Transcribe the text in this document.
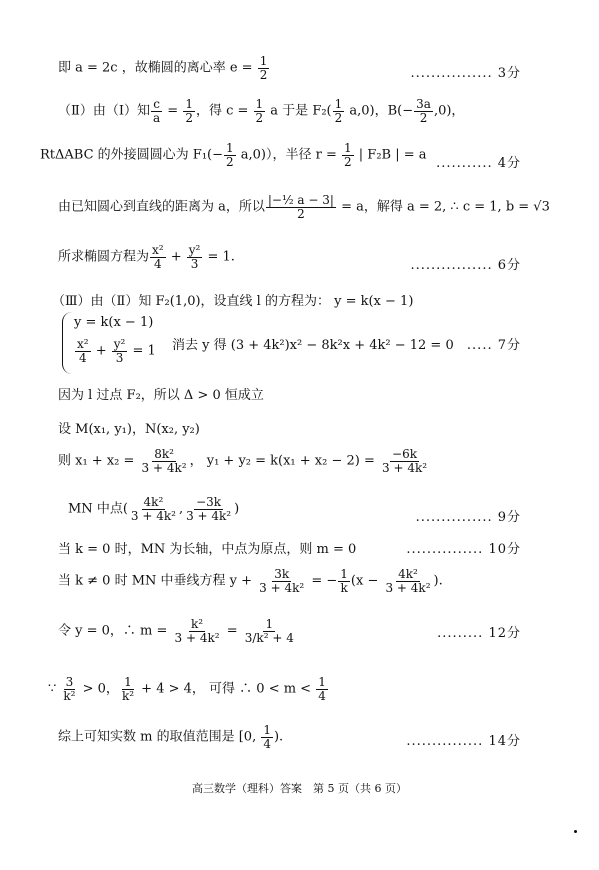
即 a = 2c ，故椭圆的离心率 $e = \frac{1}{2}$	................ 3分
（Ⅱ）由（Ⅰ）知 $\frac{c}{a} = \frac{1}{2}$ ，得 $c = \frac{1}{2}$ a 于是 $F_2( \frac{1}{2} a,0)$，$B(- \frac{3a}{2} ,0)$，
RtΔABC 的外接圆圆心为 $F_1(- \frac{1}{2} a,0)$），半径 $r = \frac{1}{2}$ | F₂B | = a
........... 4分
由已知圆心到直线的距离为 a，所以 $\frac{\text{|−½ a − 3|}}{2} = a$，解得 a = 2, ∴ c = 1, b = √3
所求椭圆方程为 $\frac{\text{x²}}{4} + \frac{\text{y²}}{3} = 1$.
................ 6分
（Ⅲ）由（Ⅱ）知 F₂(1,0)，设直线 l 的方程为： y = k(x − 1)
y = k(x − 1)
$\frac{\text{x²}}{4} + \frac{\text{y²}}{3} = 1$ 消去 y 得 (3 + 4k²)x² − 8k²x + 4k² − 12 = 0 ..... 7分
因为 l 过点 F₂，所以 Δ > 0 恒成立
设 M(x₁, y₁)，N(x₂, y₂)
则 $x_1 + x_2 = \frac{\text{8k²}}{\text{3 + 4k²}}$ ， $y_1 + y_2 = k(x_1 + x_2 - 2) = \frac{-6k}{\text{3 + 4k²}}$
MN 中点( $\frac{\text{4k²}}{\text{3 + 4k²}}$ , $\frac{-3k}{\text{3 + 4k²}}$ )
............... 9分
当 k = 0 时，MN 为长轴，中点为原点，则 m = 0	............... 10分
当 k ≠ 0 时 MN 中垂线方程 $y + \frac{3k}{\text{3 + 4k²}}$ = − $\frac{1}{k} (x - \frac{\text{4k²}}{\text{3 + 4k²}}$ ).
令 y = 0，∴ $m = \frac{\text{k²}}{\text{3 + 4k²}} = \frac{1}{\text{3/k² + 4}}$	......... 12分
∵ $\frac{3}{\text{k²}} > 0$， $\frac{1}{\text{k²}} + 4 > 4$， 可得 ∴ $0 < m < \frac{1}{4}$
综上可知实数 m 的取值范围是 [0, $\frac{1}{4}$ ).	............... 14分
高三数学（理科）答案　第 5 页（共 6 页）
